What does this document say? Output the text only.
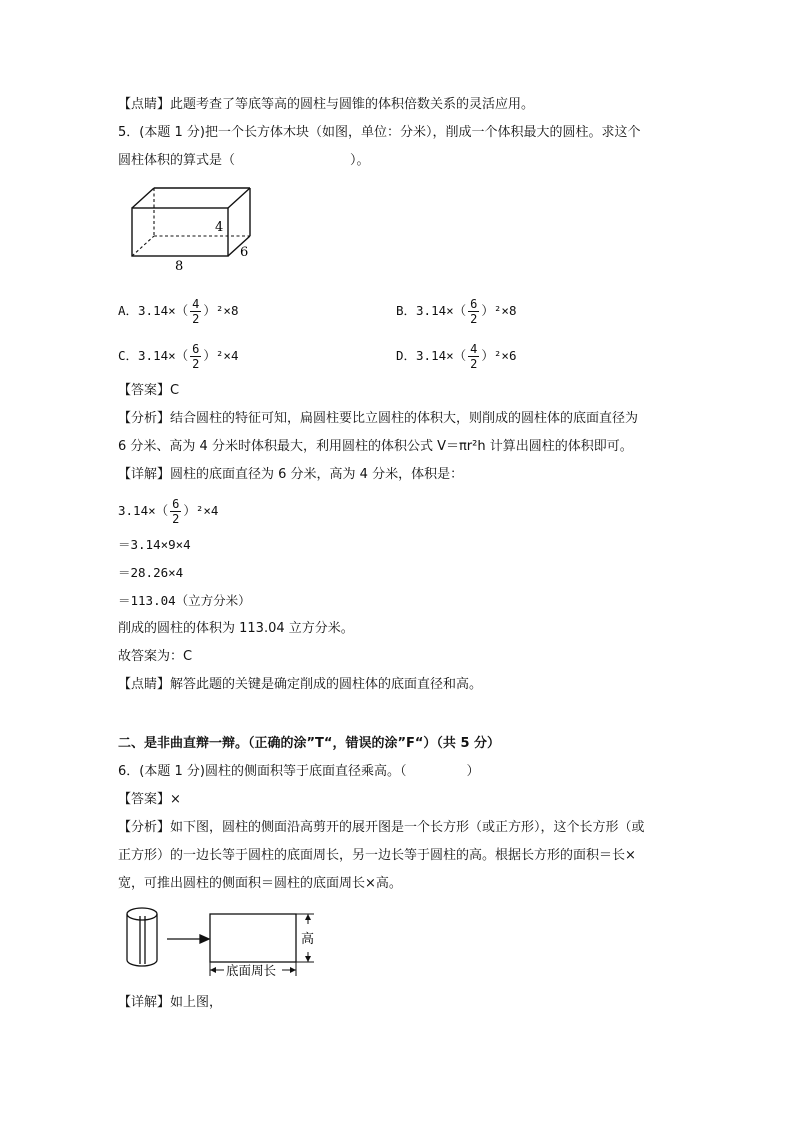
【点睛】此题考查了等底等高的圆柱与圆锥的体积倍数关系的灵活应用。
5．(本题 1 分)把一个长方体木块（如图，单位：分米），削成一个体积最大的圆柱。求这个
圆柱体积的算式是（	）。
4
6
8
A．$3.14\times( \frac{4}{2} )^2\times 8$	B．$3.14\times( \frac{6}{2} )^2\times 8$
C．$3.14\times( \frac{6}{2} )^2\times 4$	D．$3.14\times( \frac{4}{2} )^2\times 6$
【答案】C
【分析】结合圆柱的特征可知，扁圆柱要比立圆柱的体积大，则削成的圆柱体的底面直径为
6 分米、高为 4 分米时体积最大，利用圆柱的体积公式 V＝πr²h 计算出圆柱的体积即可。
【详解】圆柱的底面直径为 6 分米，高为 4 分米，体积是：
$3.14\times( \frac{6}{2} )^2\times 4$
＝3.14×9×4
＝28.26×4
＝113.04（立方分米）
削成的圆柱的体积为 113.04 立方分米。
故答案为：C
【点睛】解答此题的关键是确定削成的圆柱体的底面直径和高。
二、是非曲直辩一辩。（正确的涂”T“，错误的涂”F“）（共 5 分）
6．(本题 1 分)圆柱的侧面积等于底面直径乘高。（	）
【答案】×
【分析】如下图，圆柱的侧面沿高剪开的展开图是一个长方形（或正方形），这个长方形（或
正方形）的一边长等于圆柱的底面周长，另一边长等于圆柱的高。根据长方形的面积＝长×
宽，可推出圆柱的侧面积＝圆柱的底面周长×高。
高
底面周长
【详解】如上图，
